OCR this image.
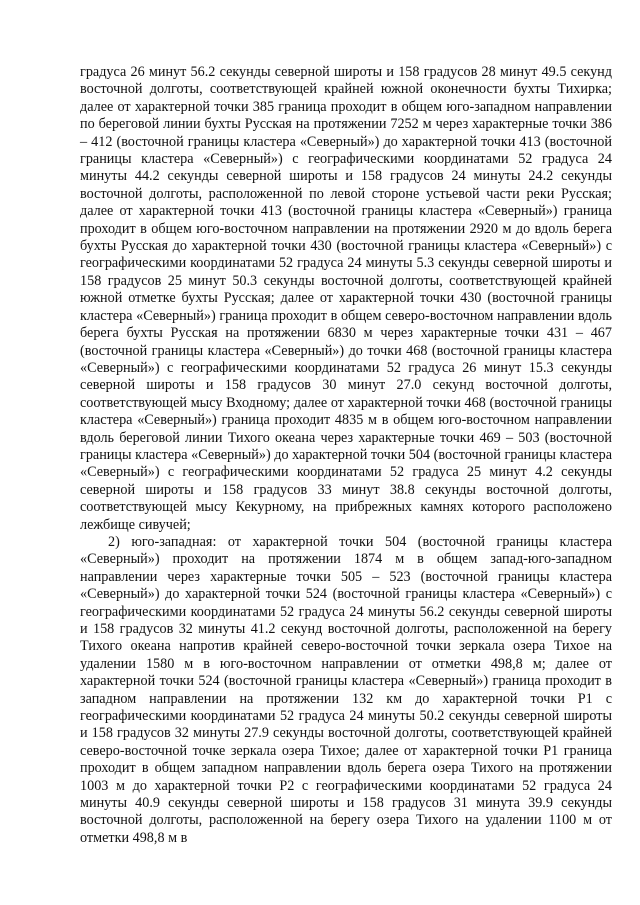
градуса 26 минут 56.2 секунды северной широты и 158 градусов 28 минут 49.5 секунд восточной долготы, соответствующей крайней южной оконечности бухты Тихирка; далее от характерной точки 385 граница проходит в общем юго-западном направлении по береговой линии бухты Русская на протяжении 7252 м через характерные точки 386 – 412 (восточной границы кластера «Северный») до характерной точки 413 (восточной границы кластера «Северный») с географическими координатами 52 градуса 24 минуты 44.2 секунды северной широты и 158 градусов 24 минуты 24.2 секунды восточной долготы, расположенной по левой стороне устьевой части реки Русская; далее от характерной точки 413 (восточной границы кластера «Северный») граница проходит в общем юго-восточном направлении на протяжении 2920 м до вдоль берега бухты Русская до характерной точки 430 (восточной границы кластера «Северный») с географическими координатами 52 градуса 24 минуты 5.3 секунды северной широты и 158 градусов 25 минут 50.3 секунды восточной долготы, соответствующей крайней южной отметке бухты Русская; далее от характерной точки 430 (восточной границы кластера «Северный») граница проходит в общем северо-восточном направлении вдоль берега бухты Русская на протяжении 6830 м через характерные точки 431 – 467 (восточной границы кластера «Северный») до точки 468 (восточной границы кластера «Северный») с географическими координатами 52 градуса 26 минут 15.3 секунды северной широты и 158 градусов 30 минут 27.0 секунд восточной долготы, соответствующей мысу Входному; далее от характерной точки 468 (восточной границы кластера «Северный») граница проходит 4835 м в общем юго-восточном направлении вдоль береговой линии Тихого океана через характерные точки 469 – 503 (восточной границы кластера «Северный») до характерной точки 504 (восточной границы кластера «Северный») с географическими координатами 52 градуса 25 минут 4.2 секунды северной широты и 158 градусов 33 минут 38.8 секунды восточной долготы, соответствующей мысу Кекурному, на прибрежных камнях которого расположено лежбище сивучей;

2) юго-западная: от характерной точки 504 (восточной границы кластера «Северный») проходит на протяжении 1874 м в общем запад-юго-западном направлении через характерные точки 505 – 523 (восточной границы кластера «Северный») до характерной точки 524 (восточной границы кластера «Северный») с географическими координатами 52 градуса 24 минуты 56.2 секунды северной широты и 158 градусов 32 минуты 41.2 секунд восточной долготы, расположенной на берегу Тихого океана напротив крайней северо-восточной точки зеркала озера Тихое на удалении 1580 м в юго-восточном направлении от отметки 498,8 м; далее от характерной точки 524 (восточной границы кластера «Северный») граница проходит в западном направлении на протяжении 132 км до характерной точки Р1 с географическими координатами 52 градуса 24 минуты 50.2 секунды северной широты и 158 градусов 32 минуты 27.9 секунды восточной долготы, соответствующей крайней северо-восточной точке зеркала озера Тихое; далее от характерной точки Р1 граница проходит в общем западном направлении вдоль берега озера Тихого на протяжении 1003 м до характерной точки Р2 с географическими координатами 52 градуса 24 минуты 40.9 секунды северной широты и 158 градусов 31 минута 39.9 секунды восточной долготы, расположенной на берегу озера Тихого на удалении 1100 м от отметки 498,8 м в
